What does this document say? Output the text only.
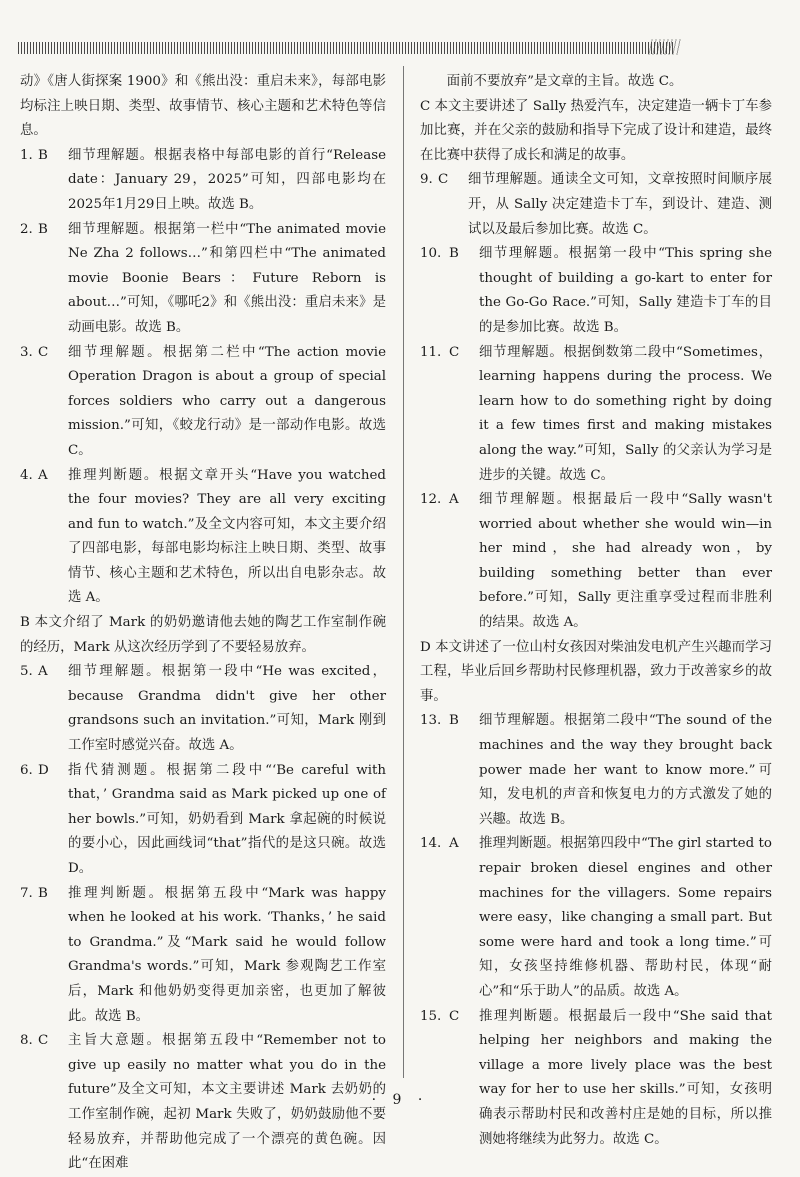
动》《唐人街探案 1900》和《熊出没：重启未来》，每部电影均标注上映日期、类型、故事情节、核心主题和艺术特色等信息。

1. B	细节理解题。根据表格中每部电影的首行“Release date：January 29，2025”可知，四部电影均在2025年1月29日上映。故选 B。
2. B	细节理解题。根据第一栏中“The animated movie Ne Zha 2 follows…”和第四栏中“The animated movie Boonie Bears：Future Reborn is about…”可知，《哪吒2》和《熊出没：重启未来》是动画电影。故选 B。
3. C	细节理解题。根据第二栏中“The action movie Operation Dragon is about a group of special forces soldiers who carry out a dangerous mission.”可知，《蛟龙行动》是一部动作电影。故选 C。
4. A	推理判断题。根据文章开头“Have you watched the four movies? They are all very exciting and fun to watch.”及全文内容可知，本文主要介绍了四部电影，每部电影均标注上映日期、类型、故事情节、核心主题和艺术特色，所以出自电影杂志。故选 A。

B 本文介绍了 Mark 的奶奶邀请他去她的陶艺工作室制作碗的经历，Mark 从这次经历学到了不要轻易放弃。

5. A	细节理解题。根据第一段中“He was excited，because Grandma didn't give her other grandsons such an invitation.”可知，Mark 刚到工作室时感觉兴奋。故选 A。
6. D	指代猜测题。根据第二段中“‘Be careful with that，’ Grandma said as Mark picked up one of her bowls.”可知，奶奶看到 Mark 拿起碗的时候说的要小心，因此画线词“that”指代的是这只碗。故选 D。
7. B	推理判断题。根据第五段中“Mark was happy when he looked at his work. ‘Thanks，’ he said to Grandma.”及“Mark said he would follow Grandma's words.”可知，Mark 参观陶艺工作室后，Mark 和他奶奶变得更加亲密，也更加了解彼此。故选 B。
8. C	主旨大意题。根据第五段中“Remember not to give up easily no matter what you do in the future”及全文可知，本文主要讲述 Mark 去奶奶的工作室制作碗，起初 Mark 失败了，奶奶鼓励他不要轻易放弃，并帮助他完成了一个漂亮的黄色碗。因此“在困难

　　面前不要放弃”是文章的主旨。故选 C。

C 本文主要讲述了 Sally 热爱汽车，决定建造一辆卡丁车参加比赛，并在父亲的鼓励和指导下完成了设计和建造，最终在比赛中获得了成长和满足的故事。

9. C	细节理解题。通读全文可知，文章按照时间顺序展开，从 Sally 决定建造卡丁车，到设计、建造、测试以及最后参加比赛。故选 C。
10. B	细节理解题。根据第一段中“This spring she thought of building a go-kart to enter for the Go-Go Race.”可知，Sally 建造卡丁车的目的是参加比赛。故选 B。
11. C	细节理解题。根据倒数第二段中“Sometimes，learning happens during the process. We learn how to do something right by doing it a few times first and making mistakes along the way.”可知，Sally 的父亲认为学习是进步的关键。故选 C。
12. A	细节理解题。根据最后一段中“Sally wasn't worried about whether she would win—in her mind，she had already won，by building something better than ever before.”可知，Sally 更注重享受过程而非胜利的结果。故选 A。

D 本文讲述了一位山村女孩因对柴油发电机产生兴趣而学习工程，毕业后回乡帮助村民修理机器，致力于改善家乡的故事。

13. B	细节理解题。根据第二段中“The sound of the machines and the way they brought back power made her want to know more.”可知，发电机的声音和恢复电力的方式激发了她的兴趣。故选 B。
14. A	推理判断题。根据第四段中“The girl started to repair broken diesel engines and other machines for the villagers. Some repairs were easy，like changing a small part. But some were hard and took a long time.”可知，女孩坚持维修机器、帮助村民，体现“耐心”和“乐于助人”的品质。故选 A。
15. C	推理判断题。根据最后一段中“She said that helping her neighbors and making the village a more lively place was the best way for her to use her skills.”可知，女孩明确表示帮助村民和改善村庄是她的目标，所以推测她将继续为此努力。故选 C。
· 9 ·
